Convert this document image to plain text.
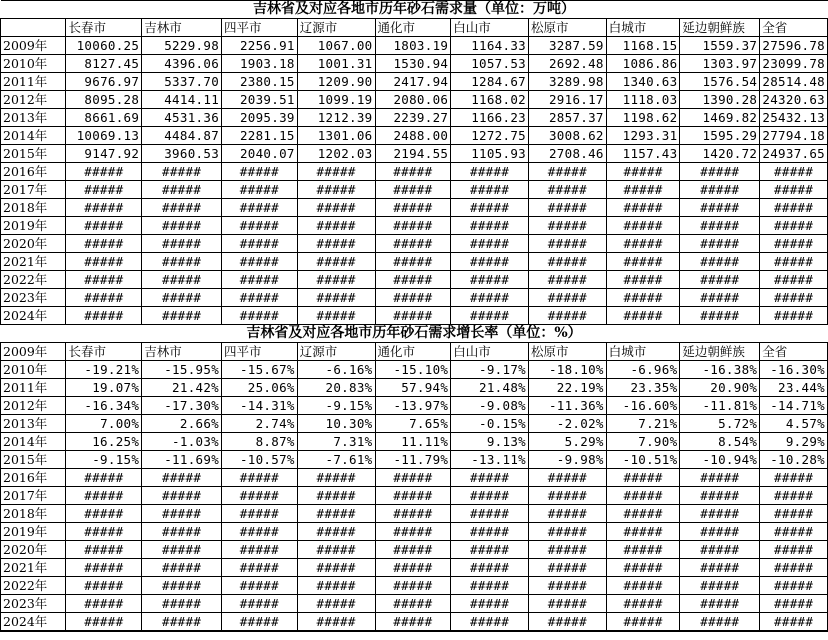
吉林省及对应各地市历年砂石需求量（单位：万吨）										
	长春市	吉林市	四平市	辽源市	通化市	白山市	松原市	白城市	延边朝鲜族	全省
2009年	10060.25	5229.98	2256.91	1067.00	1803.19	1164.33	3287.59	1168.15	1559.37	27596.78
2010年	8127.45	4396.06	1903.18	1001.31	1530.94	1057.53	2692.48	1086.86	1303.97	23099.78
2011年	9676.97	5337.70	2380.15	1209.90	2417.94	1284.67	3289.98	1340.63	1576.54	28514.48
2012年	8095.28	4414.11	2039.51	1099.19	2080.06	1168.02	2916.17	1118.03	1390.28	24320.63
2013年	8661.69	4531.36	2095.39	1212.39	2239.27	1166.23	2857.37	1198.62	1469.82	25432.13
2014年	10069.13	4484.87	2281.15	1301.06	2488.00	1272.75	3008.62	1293.31	1595.29	27794.18
2015年	9147.92	3960.53	2040.07	1202.03	2194.55	1105.93	2708.46	1157.43	1420.72	24937.65
2016年	#####	#####	#####	#####	#####	#####	#####	#####	#####	#####
2017年	#####	#####	#####	#####	#####	#####	#####	#####	#####	#####
2018年	#####	#####	#####	#####	#####	#####	#####	#####	#####	#####
2019年	#####	#####	#####	#####	#####	#####	#####	#####	#####	#####
2020年	#####	#####	#####	#####	#####	#####	#####	#####	#####	#####
2021年	#####	#####	#####	#####	#####	#####	#####	#####	#####	#####
2022年	#####	#####	#####	#####	#####	#####	#####	#####	#####	#####
2023年	#####	#####	#####	#####	#####	#####	#####	#####	#####	#####
2024年	#####	#####	#####	#####	#####	#####	#####	#####	#####	#####
吉林省及对应各地市历年砂石需求增长率（单位：%）										
2009年	长春市	吉林市	四平市	辽源市	通化市	白山市	松原市	白城市	延边朝鲜族	全省
2010年	-19.21%	-15.95%	-15.67%	-6.16%	-15.10%	-9.17%	-18.10%	-6.96%	-16.38%	-16.30%
2011年	19.07%	21.42%	25.06%	20.83%	57.94%	21.48%	22.19%	23.35%	20.90%	23.44%
2012年	-16.34%	-17.30%	-14.31%	-9.15%	-13.97%	-9.08%	-11.36%	-16.60%	-11.81%	-14.71%
2013年	7.00%	2.66%	2.74%	10.30%	7.65%	-0.15%	-2.02%	7.21%	5.72%	4.57%
2014年	16.25%	-1.03%	8.87%	7.31%	11.11%	9.13%	5.29%	7.90%	8.54%	9.29%
2015年	-9.15%	-11.69%	-10.57%	-7.61%	-11.79%	-13.11%	-9.98%	-10.51%	-10.94%	-10.28%
2016年	#####	#####	#####	#####	#####	#####	#####	#####	#####	#####
2017年	#####	#####	#####	#####	#####	#####	#####	#####	#####	#####
2018年	#####	#####	#####	#####	#####	#####	#####	#####	#####	#####
2019年	#####	#####	#####	#####	#####	#####	#####	#####	#####	#####
2020年	#####	#####	#####	#####	#####	#####	#####	#####	#####	#####
2021年	#####	#####	#####	#####	#####	#####	#####	#####	#####	#####
2022年	#####	#####	#####	#####	#####	#####	#####	#####	#####	#####
2023年	#####	#####	#####	#####	#####	#####	#####	#####	#####	#####
2024年	#####	#####	#####	#####	#####	#####	#####	#####	#####	#####
